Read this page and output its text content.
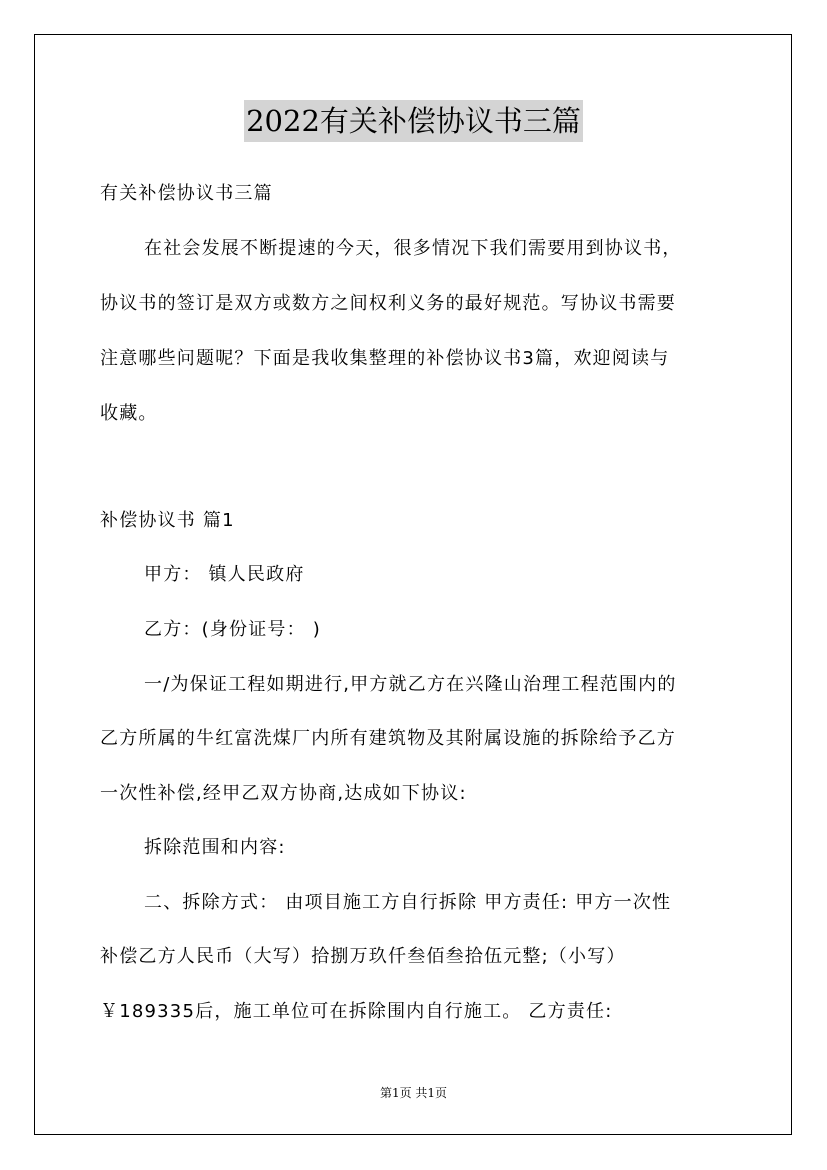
2022有关补偿协议书三篇
有关补偿协议书三篇
在社会发展不断提速的今天，很多情况下我们需要用到协议书，
协议书的签订是双方或数方之间权利义务的最好规范。写协议书需要
注意哪些问题呢？下面是我收集整理的补偿协议书3篇，欢迎阅读与
收藏。
补偿协议书 篇1
甲方： 镇人民政府
乙方：(身份证号： )
一/为保证工程如期进行,甲方就乙方在兴隆山治理工程范围内的
乙方所属的牛红富洗煤厂内所有建筑物及其附属设施的拆除给予乙方
一次性补偿,经甲乙双方协商,达成如下协议:
拆除范围和内容:
二、拆除方式： 由项目施工方自行拆除 甲方责任: 甲方一次性
补偿乙方人民币（大写）拾捌万玖仟叁佰叁拾伍元整;（小写）
￥189335后，施工单位可在拆除围内自行施工。 乙方责任:
第1页 共1页
